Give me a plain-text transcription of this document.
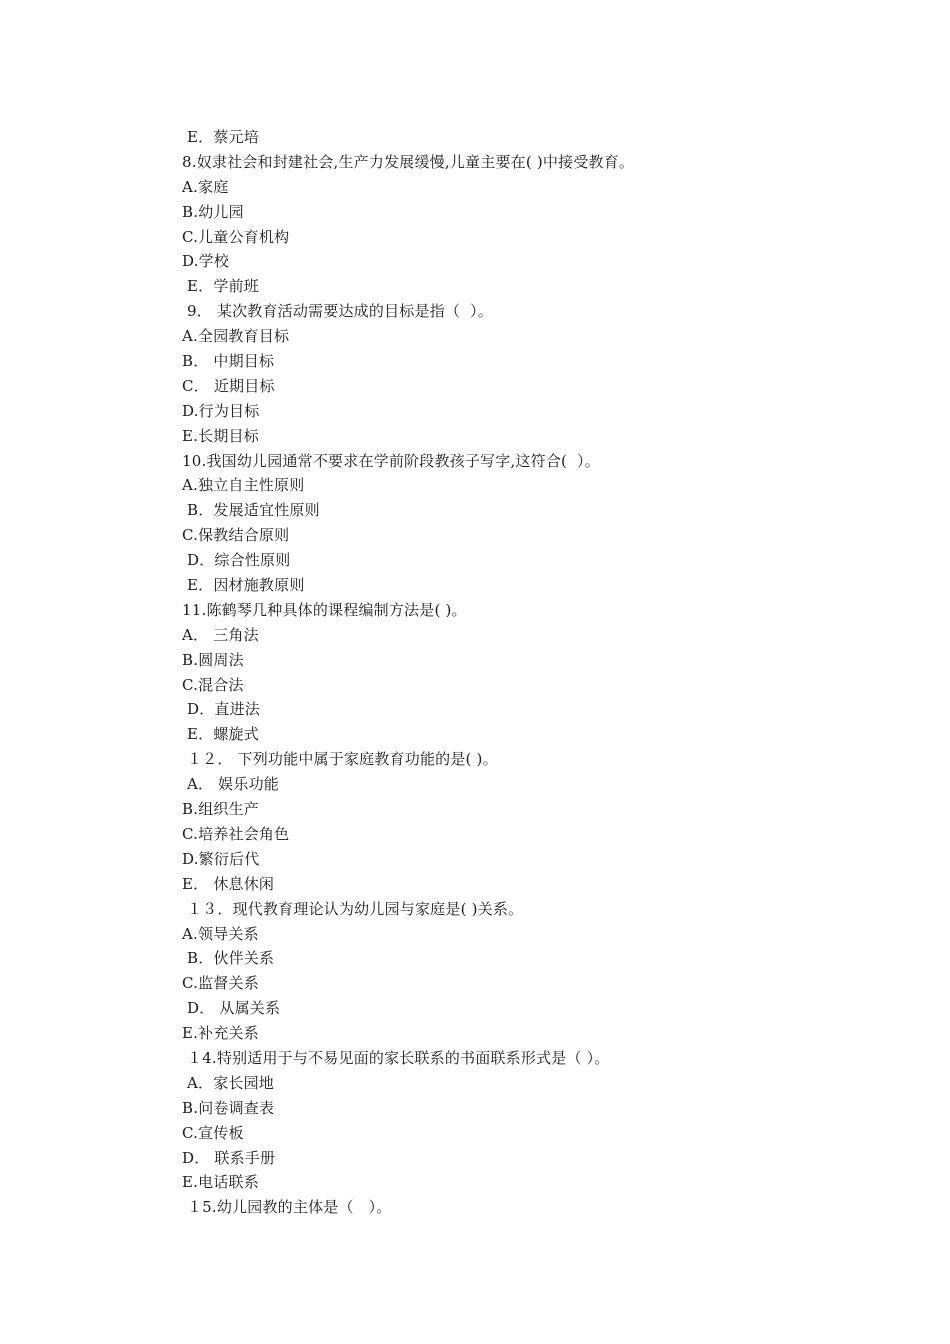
E．蔡元培
8.奴隶社会和封建社会,生产力发展缓慢,儿童主要在( )中接受教育。
A.家庭
B.幼儿园
C.儿童公育机构
D.学校
E．学前班
9． 某次教育活动需要达成的目标是指（  ）。
A.全园教育目标
B． 中期目标
C． 近期目标
D.行为目标
E.长期目标
10.我国幼儿园通常不要求在学前阶段教孩子写字,这符合(  ）。
A.独立自主性原则
B．发展适宜性原则
C.保教结合原则
D．综合性原则
E．因材施教原则
11.陈鹤琴几种具体的课程编制方法是( )。
A． 三角法
B.圆周法
C.混合法
D．直进法
E．螺旋式
１２． 下列功能中属于家庭教育功能的是( )。
A． 娱乐功能
B.组织生产
C.培养社会角色
D.繁衍后代
E． 休息休闲
１３．现代教育理论认为幼儿园与家庭是( )关系。
A.领导关系
B．伙伴关系
C.监督关系
D． 从属关系
E.补充关系
１4.特别适用于与不易见面的家长联系的书面联系形式是（ ）。
A．家长园地
B.问卷调查表
C.宣传板
D． 联系手册
E.电话联系
１5.幼儿园教的主体是（   ）。
